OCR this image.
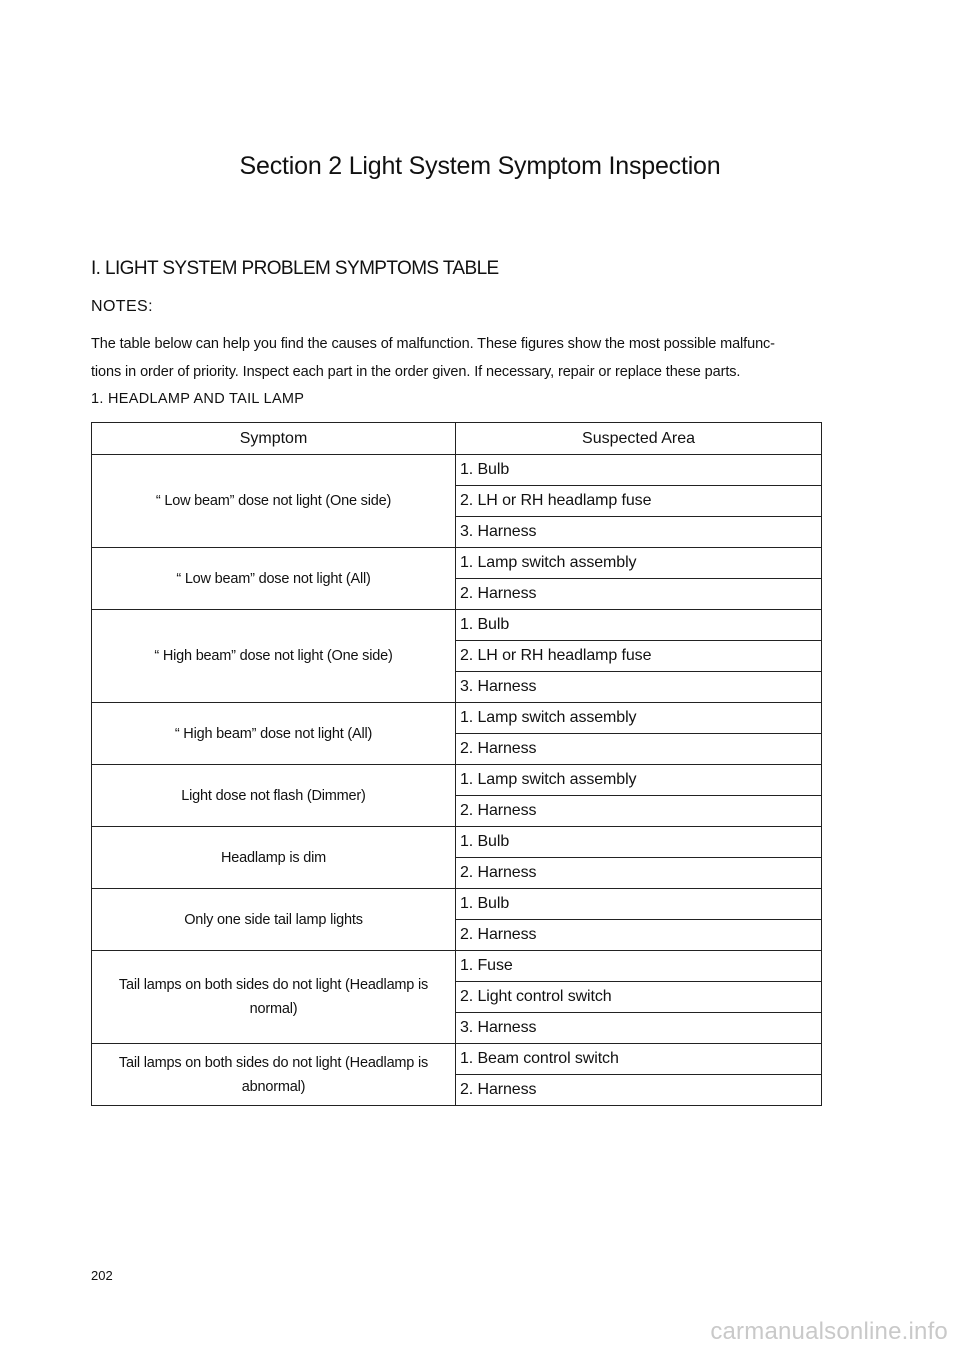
Section 2 Light System Symptom Inspection
I. LIGHT SYSTEM PROBLEM SYMPTOMS TABLE
NOTES:

The table below can help you find the causes of malfunction. These figures show the most possible malfunc-

tions in order of priority. Inspect each part in the order given. If necessary, repair or replace these parts.

1. HEADLAMP AND TAIL LAMP
Symptom	Suspected Area
“ Low beam” dose not light (One side)	1. Bulb
	2. LH or RH headlamp fuse
	3. Harness
“ Low beam” dose not light (All)	1. Lamp switch assembly
	2. Harness
“ High beam” dose not light (One side)	1. Bulb
	2. LH or RH headlamp fuse
	3. Harness
“ High beam” dose not light (All)	1. Lamp switch assembly
	2. Harness
Light dose not flash (Dimmer)	1. Lamp switch assembly
	2. Harness
Headlamp is dim	1. Bulb
	2. Harness
Only one side tail lamp lights	1. Bulb
	2. Harness
Tail lamps on both sides do not light (Headlamp is normal)	1. Fuse
	2. Light control switch
	3. Harness
Tail lamps on both sides do not light (Headlamp is abnormal)	1. Beam control switch
	2. Harness
202
carmanualsonline.info
